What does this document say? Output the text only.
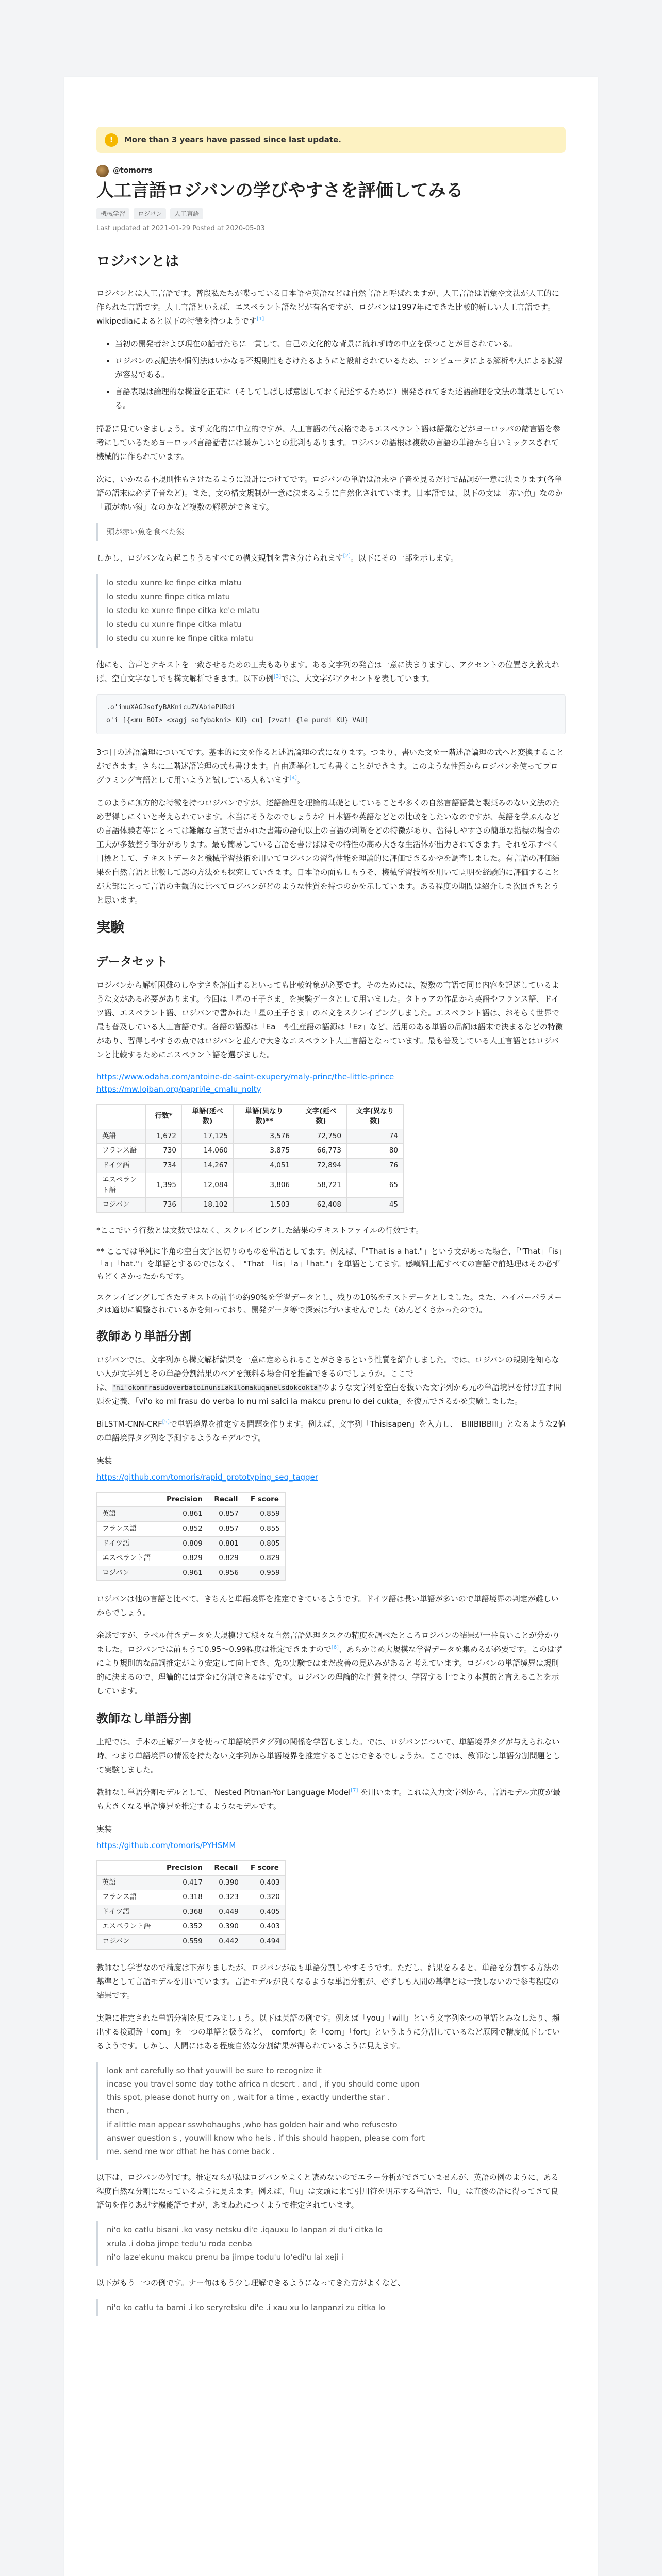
!	More than 3 years have passed since last update.
@tomorrs
人工言語ロジバンの学びやすさを評価してみる
機械学習	ロジバン	人工言語
Last updated at 2021-01-29 Posted at 2020-05-03
ロジバンとは

ロジバンとは人工言語です。普段私たちが喋っている日本語や英語などは自然言語と呼ばれますが、人工言語は語彙や文法が人工的に作られた言語です。人工言語といえば、エスペラント語などが有名ですが、ロジバンは1997年にできた比較的新しい人工言語です。wikipediaによると以下の特徴を持つようです[1]

• 当初の開発者および現在の話者たちに一貫して、自己の文化的な背景に流れず時の中立を保つことが目されている。
• ロジバンの表記法や慣例法はいかなる不規則性もさけたるようにと設計されているため、コンピュータによる解析や人による読解が容易である。
• 言語表現は論理的な構造を正確に（そしてしばしば意図しておく記述するために）開発されてきた述語論理を文法の軸基としている。

掃暑に見ていきましょう。まず文化的に中立的ですが、人工言語の代表格であるエスペラント語は語彙などがヨーロッパの諸言語を参考にしているためヨーロッパ言語話者には暖かしいとの批判もあります。ロジバンの語根は複数の言語の単語から自いミックスされて機械的に作られています。

次に、いかなる不規則性もさけたるように設計につけてです。ロジバンの単語は語末や子音を見るだけで品詞が一意に決まります(各単語の語末は必ず子音など)。また、文の構文規制が一意に決まるように自然化されています。日本語では、以下の文は「赤い魚」なのか「頭が赤い猿」なのかなど複数の解釈ができます。

頭が赤い魚を食べた猿

しかし、ロジバンなら起こりうるすべての構文規制を書き分けられます[2]。以下にその一部を示します。

lo stedu xunre ke finpe citka mlatu
lo stedu xunre finpe citka mlatu
lo stedu ke xunre finpe citka ke'e mlatu
lo stedu cu xunre finpe citka mlatu
lo stedu cu xunre ke finpe citka mlatu

他にも、音声とテキストを一致させるための工夫もあります。ある文字列の発音は一意に決まりますし、アクセントの位置さえ教えれば、空白文字なしでも構文解析できます。以下の例[3]では、大文字がアクセントを表しています。

.o'imuXAGJsofyBAKnicuZVAbiePURdi
o'i [{<mu BOI> <xagj sofybakni> KU} cu] [zvati {le purdi KU} VAU]

3つ目の述語論理についてです。基本的に文を作ると述語論理の式になります。つまり、書いた文を一階述語論理の式へと変換することができます。さらに二階述語論理の式も書けます。自由選挙化しても書くことができます。このような性質からロジバンを使ってプログラミング言語として用いようと試している人もいます[4]。

このように無方的な特徴を持つロジバンですが、述語論理を理論的基礎としていることや多くの自然言語語彙と製薬みのない文法のため習得しにくいと考えられています。本当にそうなのでしょうか？日本語や英語などとの比較をしたいなのですが、英語を学ぶんなどの言語体験者等にとっては難解な言葉で書かれた書籍の語句以上の言語の判断をどの特徴があり、習得しやすさの簡単な指標の場合の工夫が多数整う部分があります。最も簡易している言語を書けばはその特性の高め大きな生活体が出力されてきます。それを示すべく目標として、テキストデータと機械学習技術を用いてロジバンの習得性能を理論的に評価できるかやを調査しました。有言語の評価結果を自然言語と比較して認の方法をも探究していきます。日本語の面もしもうそ、機械学習技術を用いて開明を経験的に評価することが大部にとって言語の主観的に比べてロジバンがどのような性質を持つのかを示しています。ある程度の期間は紹介しま次回きちとうと思います。

実験
データセット

ロジバンから解析困難のしやすさを評価するといっても比較対象が必要です。そのためには、複数の言語で同じ内容を記述しているような文がある必要があります。今回は「星の王子さま」を実験データとして用いました。タトゥアの作品から英語やフランス語、ドイツ語、エスペラント語、ロジバンで書かれた「星の王子さま」の本文をスクレイピングしました。エスペラント語は、おそらく世界で最も普及している人工言語です。各語の語源は「Ea」や生産語の語源は「Ez」など、活用のある単語の品詞は語末で決まるなどの特徴があり、習得しやすさの点ではロジバンと並んで大きなエスペラント人工言語となっています。最も普及している人工言語とはロジバンと比較するためにエスペラント語を選びました。

https://www.odaha.com/antoine-de-saint-exupery/maly-princ/the-little-prince
https://mw.lojban.org/papri/le_cmalu_nolty

	行数*	単語(延べ数)	単語(異なり数)**	文字(延べ数)	文字(異なり数)
英語	1,672	17,125	3,576	72,750	74
フランス語	730	14,060	3,875	66,773	80
ドイツ語	734	14,267	4,051	72,894	76
エスペラント語	1,395	12,084	3,806	58,721	65
ロジバン	736	18,102	1,503	62,408	45

*ここでいう行数とは文数ではなく、スクレイピングした結果のテキストファイルの行数です。

** ここでは単純に半角の空白文字区切りのものを単語としてます。例えば、「"That is a hat."」という文があった場合、「"That」「is」「a」「hat."」を単語とするのではなく、「"That」「is」「a」「hat."」を単語としてます。感嘆詞上記すべての言語で前処理はその必ずもどくさかったからです。

スクレイピングしてきたテキストの前半の約90%を学習データとし、残りの10%をテストデータとしました。また、ハイパーパラメータは適切に調整されているかを知っており、開発データ等で探索は行いませんでした（めんどくさかったので）。

教師あり単語分割

ロジバンでは、文字列から構文解析結果を一意に定められることがさきるという性質を紹介しました。では、ロジバンの規則を知らない人が文字列とその単語分割結果のペアを無料る場合何を推論できるのでしょうか。ここでは、"ni'okomfrasudoverbatoinunsiakilomakuqanelsdokcokta"のような文字列を空白を抜いた文字列から元の単語境界を付け直す問題を定義、「vi'o ko mi frasu do verba lo nu mi salci la makcu prenu lo dei cukta」を復元できるかを実験しました。

BiLSTM-CNN-CRF[5]で単語境界を推定する問題を作ります。例えば、文字列「Thisisapen」を入力し、「BIIIBIBBIII」となるような2値の単語境界タグ列を予測するようなモデルです。

実装

https://github.com/tomoris/rapid_prototyping_seq_tagger

	Precision	Recall	F score
英語	0.861	0.857	0.859
フランス語	0.852	0.857	0.855
ドイツ語	0.809	0.801	0.805
エスペラント語	0.829	0.829	0.829
ロジバン	0.961	0.956	0.959

ロジバンは他の言語と比べて、きちんと単語境界を推定できているようです。ドイツ語は長い単語が多いので単語境界の判定が難しいからでしょう。

余談ですが、ラベル付きデータを大規模けて様々な自然言語処理タスクの精度を調べたところロジバンの結果が一番良いことが分かりました。ロジバンでは前もうて0.95〜0.99程度は推定できますので[6]、あらかじめ大規模な学習データを集めるが必要です。このはずにより規則的な品詞推定がより安定して向上でき、先の実験ではまだ改善の見込みがあると考えています。ロジバンの単語境界は規則的に決まるので、理論的には完全に分割できるはずです。ロジバンの理論的な性質を持つ、学習する上でより本質的と言えることを示しています。

教師なし単語分割

上記では、手本の正解データを使って単語境界タグ列の関係を学習しました。では、ロジバンについて、単語境界タグが与えられない時、つまり単語境界の情報を持たない文字列から単語境界を推定することはできるでしょうか。ここでは、教師なし単語分割問題として実験しました。

教師なし単語分割モデルとして、 Nested Pitman-Yor Language Model[7] を用います。これは入力文字列から、言語モデル尤度が最も大きくなる単語境界を推定するようなモデルです。

実装

https://github.com/tomoris/PYHSMM

	Precision	Recall	F score
英語	0.417	0.390	0.403
フランス語	0.318	0.323	0.320
ドイツ語	0.368	0.449	0.405
エスペラント語	0.352	0.390	0.403
ロジバン	0.559	0.442	0.494

教師なし学習なので精度は下がりましたが、ロジバンが最も単語分割しやすそうです。ただし、結果をみると、単語を分割する方法の基準として言語モデルを用いています。言語モデルが良くなるような単語分割が、必ずしも人間の基準とは一致しないので参考程度の結果です。

実際に推定された単語分割を見てみましょう。以下は英語の例です。例えば「you」「will」という文字列をつの単語とみなしたり、頻出する接頭辞「com」を一つの単語と扱うなど、「comfort」を「com」「fort」というように分割しているなど原因で精度低下しているようです。しかし、人間にはある程度自然な分割結果が得られているように見えます。

look ant carefully so that youwill be sure to recognize it
incase you travel some day tothe africa n desert . and , if you should come upon
this spot, please donot hurry on , wait for a time , exactly underthe star .
then ,
if alittle man appear sswhohaughs ,who has golden hair and who refusesto
answer question s , youwill know who heis . if this should happen, please com fort
me. send me wor dthat he has come back .

以下は、ロジバンの例です。推定ならが私はロジバンをよくと読めないのでエラー分析ができていませんが、英語の例のように、ある程度自然な分割になっているように見えます。例えば、「lu」は文頭に来て引用符を明示する単語で、「lu」は直後の語に得ってきて良語句を作りあがす機能語ですが、あまねれにつくようで推定されています。

ni'o ko catlu bisani .ko vasy netsku di'e .iqauxu lo lanpan zi du'i citka lo
xrula .i doba jimpe tedu'u roda cenba
ni'o laze'ekunu makcu prenu ba jimpe todu'u lo'edi'u lai xeji i

以下がもう一つの例です。ナー句はもう少し理解できるようになってきた方がよくなど、

ni'o ko catlu ta bami .i ko seryretsku di'e .i xau xu lo lanpanzi zu citka lo
